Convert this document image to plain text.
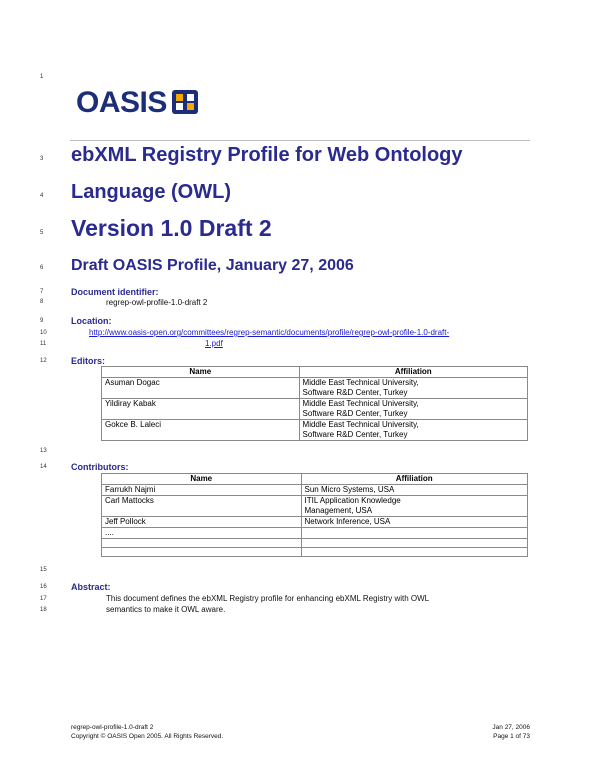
1
3
4
5
6
7
8
9
10
11
12
13
14
15
16
17
18
OASIS
ebXML Registry Profile for Web Ontology
Language (OWL)
Version 1.0 Draft 2
Draft OASIS Profile, January 27, 2006
Document identifier:
regrep-owl-profile-1.0-draft 2
Location:
http://www.oasis-open.org/committees/regrep-semantic/documents/profile/regrep-owl-profile-1.0-draft-
1.pdf
Editors:
Name	Affiliation
Asuman Dogac	Middle East Technical University,
Software R&D Center, Turkey

Yildiray Kabak	Middle East Technical University,
Software R&D Center, Turkey

Gokce B. Laleci	Middle East Technical University,
Software R&D Center, Turkey
Contributors:
Name	Affiliation
Farrukh Najmi	Sun Micro Systems, USA

Carl Mattocks	ITIL Application Knowledge
Management, USA

Jeff Pollock	Network Inference, USA

....	

Abstract:
This document defines the ebXML Registry profile for enhancing ebXML Registry with OWL
semantics to make it OWL aware.
regrep-owl-profile-1.0-draft 2
Copyright © OASIS Open 2005. All Rights Reserved.
Jan 27, 2006
Page 1 of 73
